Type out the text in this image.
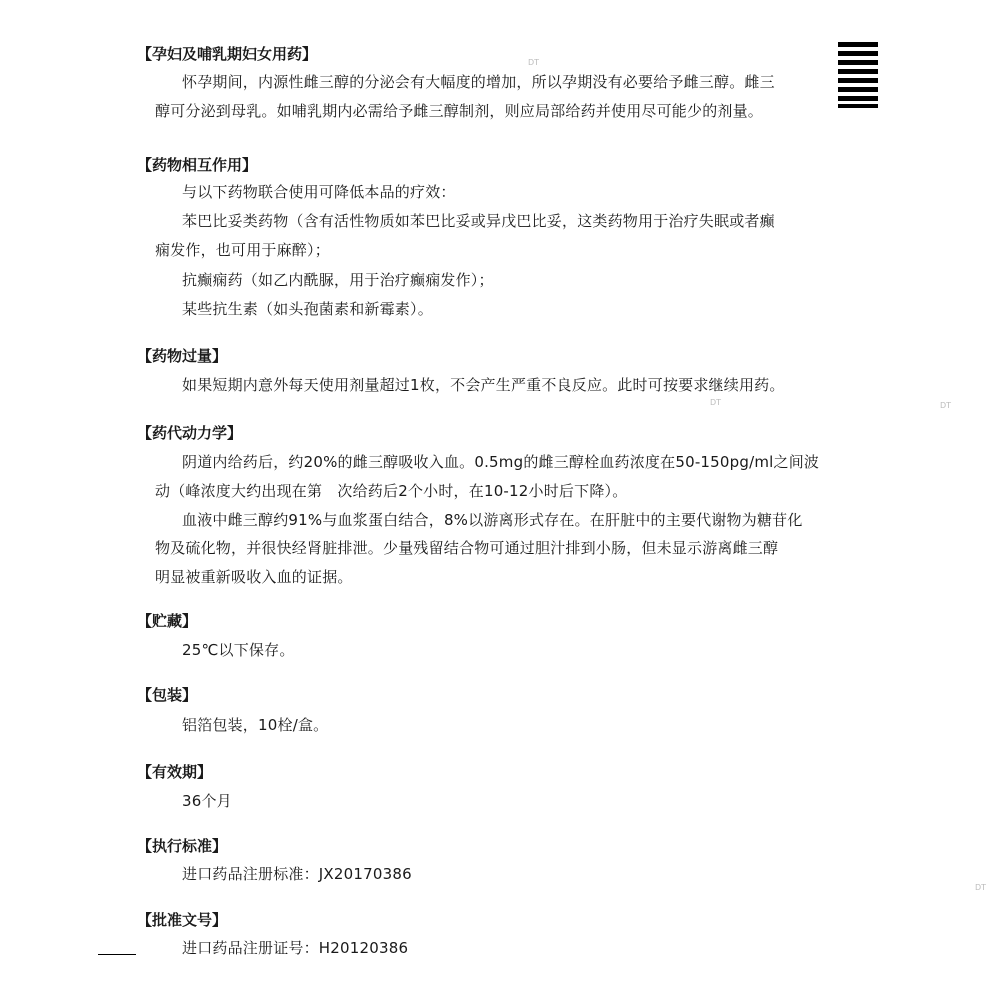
DT
DT	DT
DT
【孕妇及哺乳期妇女用药】

怀孕期间，内源性雌三醇的分泌会有大幅度的增加，所以孕期没有必要给予雌三醇。雌三

醇可分泌到母乳。如哺乳期内必需给予雌三醇制剂，则应局部给药并使用尽可能少的剂量。

【药物相互作用】

与以下药物联合使用可降低本品的疗效：

苯巴比妥类药物（含有活性物质如苯巴比妥或异戊巴比妥，这类药物用于治疗失眠或者癫

痫发作，也可用于麻醉）；

抗癫痫药（如乙内酰脲，用于治疗癫痫发作）；

某些抗生素（如头孢菌素和新霉素）。

【药物过量】

如果短期内意外每天使用剂量超过1枚，不会产生严重不良反应。此时可按要求继续用药。

【药代动力学】

阴道内给药后，约20%的雌三醇吸收入血。0.5mg的雌三醇栓血药浓度在50-150pg/ml之间波

动（峰浓度大约出现在第　次给药后2个小时，在10-12小时后下降）。

血液中雌三醇约91%与血浆蛋白结合，8%以游离形式存在。在肝脏中的主要代谢物为糖苷化

物及硫化物，并很快经肾脏排泄。少量残留结合物可通过胆汁排到小肠，但未显示游离雌三醇

明显被重新吸收入血的证据。

【贮藏】

25℃以下保存。

【包装】

铝箔包装，10栓/盒。

【有效期】

36个月

【执行标准】

进口药品注册标准：JX20170386

【批准文号】

进口药品注册证号：H20120386
